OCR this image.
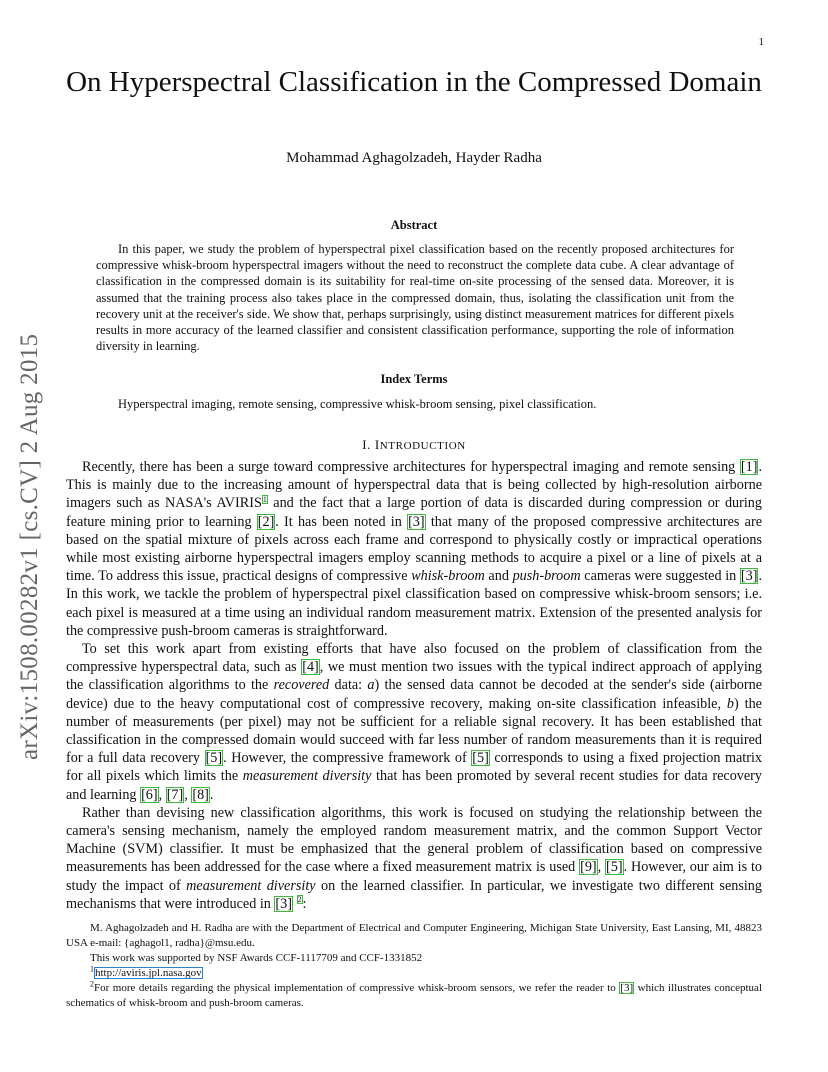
1
arXiv:1508.00282v1 [cs.CV] 2 Aug 2015
On Hyperspectral Classification in the Compressed Domain
Mohammad Aghagolzadeh, Hayder Radha
Abstract

In this paper, we study the problem of hyperspectral pixel classification based on the recently proposed architectures for compressive whisk-broom hyperspectral imagers without the need to reconstruct the complete data cube. A clear advantage of classification in the compressed domain is its suitability for real-time on-site processing of the sensed data. Moreover, it is assumed that the training process also takes place in the compressed domain, thus, isolating the classification unit from the recovery unit at the receiver's side. We show that, perhaps surprisingly, using distinct measurement matrices for different pixels results in more accuracy of the learned classifier and consistent classification performance, supporting the role of information diversity in learning.

Index Terms

Hyperspectral imaging, remote sensing, compressive whisk-broom sensing, pixel classification.

I. INTRODUCTION

Recently, there has been a surge toward compressive architectures for hyperspectral imaging and remote sensing [1]. This is mainly due to the increasing amount of hyperspectral data that is being collected by high-resolution airborne imagers such as NASA's AVIRIS$^1$ and the fact that a large portion of data is discarded during compression or during feature mining prior to learning [2]. It has been noted in [3] that many of the proposed compressive architectures are based on the spatial mixture of pixels across each frame and correspond to physically costly or impractical operations while most existing airborne hyperspectral imagers employ scanning methods to acquire a pixel or a line of pixels at a time. To address this issue, practical designs of compressive whisk-broom and push-broom cameras were suggested in [3]. In this work, we tackle the problem of hyperspectral pixel classification based on compressive whisk-broom sensors; i.e. each pixel is measured at a time using an individual random measurement matrix. Extension of the presented analysis for the compressive push-broom cameras is straightforward.

To set this work apart from existing efforts that have also focused on the problem of classification from the compressive hyperspectral data, such as [4], we must mention two issues with the typical indirect approach of applying the classification algorithms to the recovered data: a) the sensed data cannot be decoded at the sender's side (airborne device) due to the heavy computational cost of compressive recovery, making on-site classification infeasible, b) the number of measurements (per pixel) may not be sufficient for a reliable signal recovery. It has been established that classification in the compressed domain would succeed with far less number of random measurements than it is required for a full data recovery [5]. However, the compressive framework of [5] corresponds to using a fixed projection matrix for all pixels which limits the measurement diversity that has been promoted by several recent studies for data recovery and learning [6], [7], [8].

Rather than devising new classification algorithms, this work is focused on studying the relationship between the camera's sensing mechanism, namely the employed random measurement matrix, and the common Support Vector Machine (SVM) classifier. It must be emphasized that the general problem of classification based on compressive measurements has been addressed for the case where a fixed measurement matrix is used [9], [5]. However, our aim is to study the impact of measurement diversity on the learned classifier. In particular, we investigate two different sensing mechanisms that were introduced in [3] $^2$:

M. Aghagolzadeh and H. Radha are with the Department of Electrical and Computer Engineering, Michigan State University, East Lansing, MI, 48823 USA e-mail: {aghagol1, radha}@msu.edu.

This work was supported by NSF Awards CCF-1117709 and CCF-1331852

$^1$http://aviris.jpl.nasa.gov

$^2$For more details regarding the physical implementation of compressive whisk-broom sensors, we refer the reader to [3] which illustrates conceptual schematics of whisk-broom and push-broom cameras.
